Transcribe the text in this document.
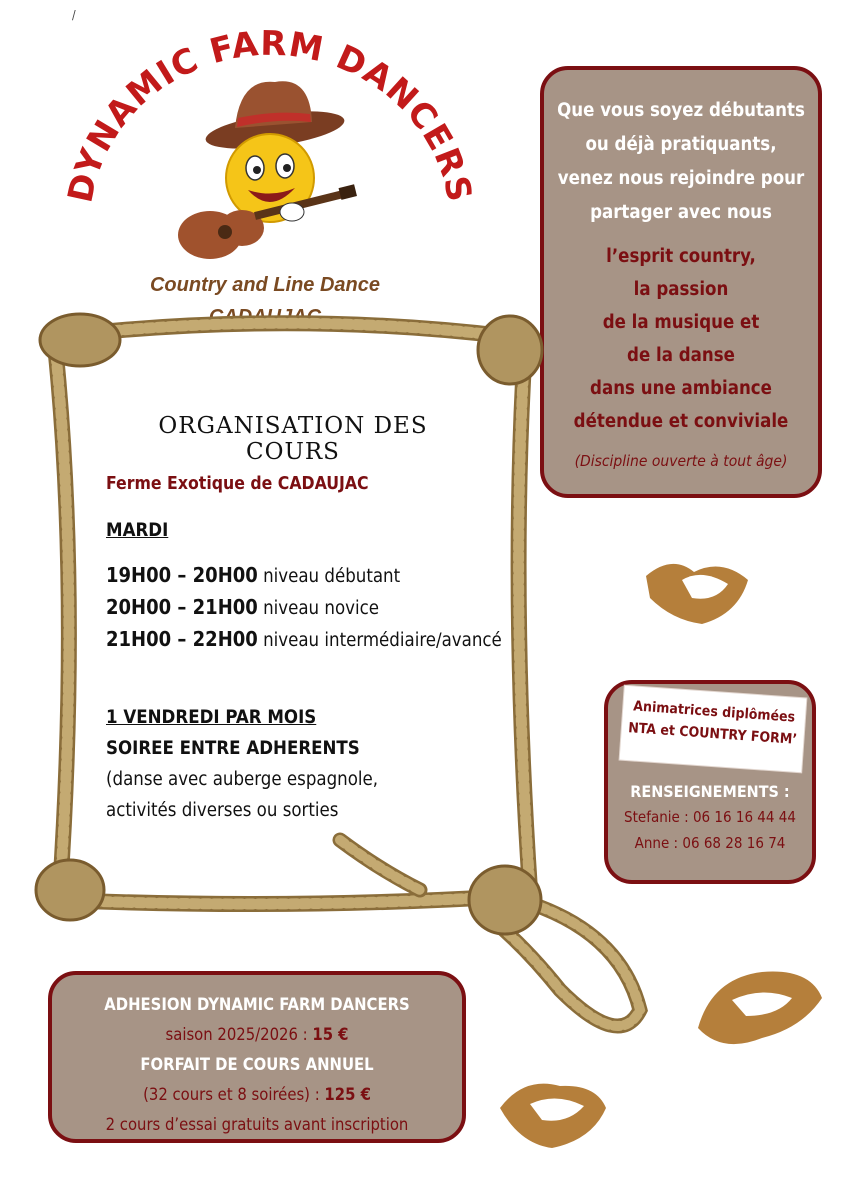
/
DYNAMIC FARM DANCERS
Country and Line Dance
CADAUJAC
Que vous soyez débutants
ou déjà pratiquants,
venez nous rejoindre pour
partager avec nous
l’esprit country,
la passion
de la musique et
de la danse
dans une ambiance
détendue et conviviale
(Discipline ouverte à tout âge)
ORGANISATION DES COURS
Ferme Exotique de CADAUJAC
MARDI
19H00 – 20H00 niveau débutant
20H00 – 21H00 niveau novice
21H00 – 22H00 niveau intermédiaire/avancé
1 VENDREDI PAR MOIS
SOIREE ENTRE ADHERENTS
(danse avec auberge espagnole,
activités diverses ou sorties
RENSEIGNEMENTS :
Stefanie : 06 16 16 44 44
Anne : 06 68 28 16 74
Animatrices diplômées
NTA et COUNTRY FORM’
ADHESION DYNAMIC FARM DANCERS
saison 2025/2026 : 15 €
FORFAIT DE COURS ANNUEL
(32 cours et 8 soirées) : 125 €
2 cours d’essai gratuits avant inscription
